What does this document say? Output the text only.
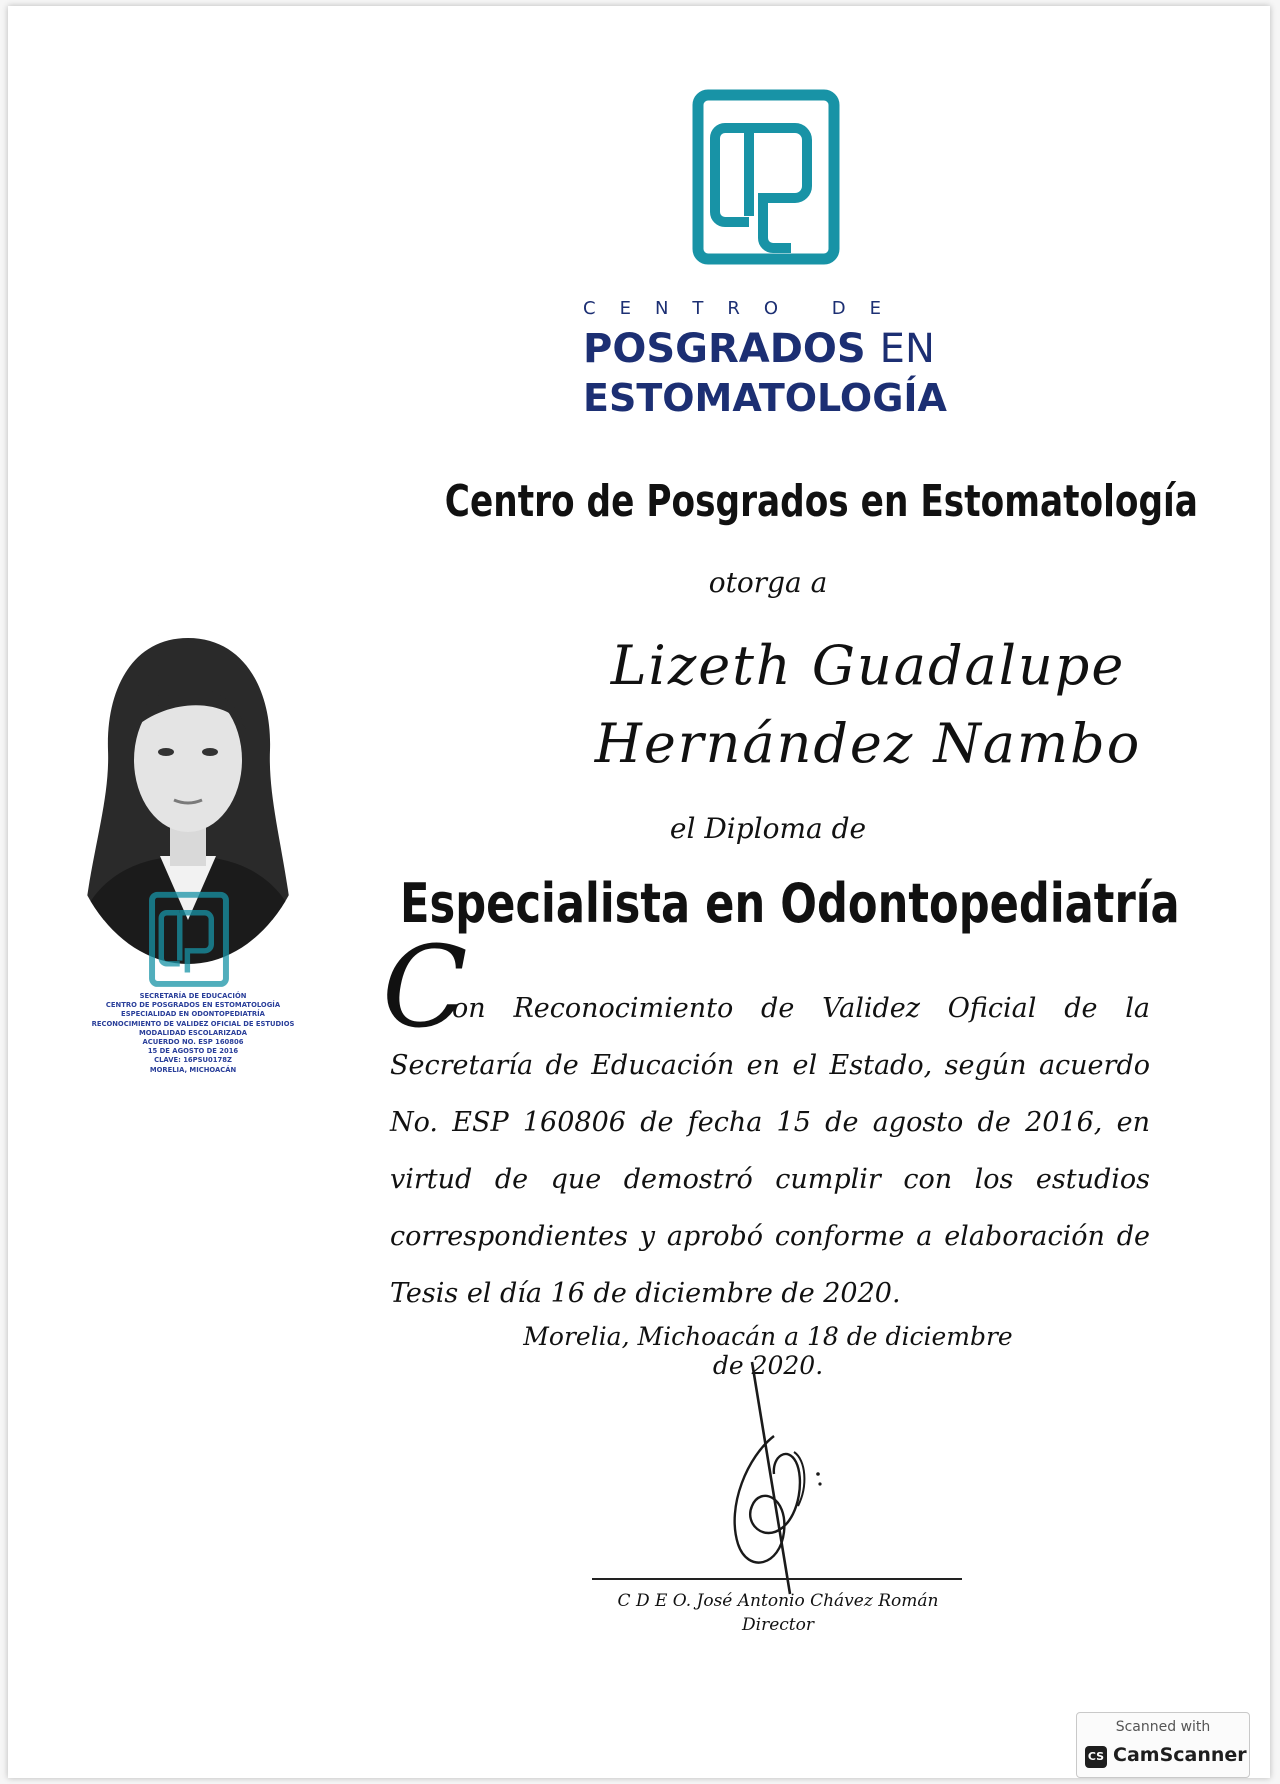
CENTRO DE
POSGRADOS EN
ESTOMATOLOGÍA
Centro de Posgrados en Estomatología
otorga a
Lizeth Guadalupe
Hernández Nambo
el Diploma de
Especialista en Odontopediatría
C
on Reconocimiento de Validez Oficial de la Secretaría de Educación en el Estado, según acuerdo No. ESP 160806 de fecha 15 de agosto de 2016, en virtud de que demostró cumplir con los estudios correspondientes y aprobó conforme a elaboración de Tesis el día 16 de diciembre de 2020.
Morelia, Michoacán a 18 de diciembre de 2020.
C D E O. José Antonio Chávez Román
Director
SECRETARÍA DE EDUCACIÓN
CENTRO DE POSGRADOS EN ESTOMATOLOGÍA
ESPECIALIDAD EN ODONTOPEDIATRÍA
RECONOCIMIENTO DE VALIDEZ OFICIAL DE ESTUDIOS
MODALIDAD ESCOLARIZADA
ACUERDO NO. ESP 160806
15 DE AGOSTO DE 2016
CLAVE: 16PSU0178Z
MORELIA, MICHOACÁN
Scanned with
CS CamScanner
